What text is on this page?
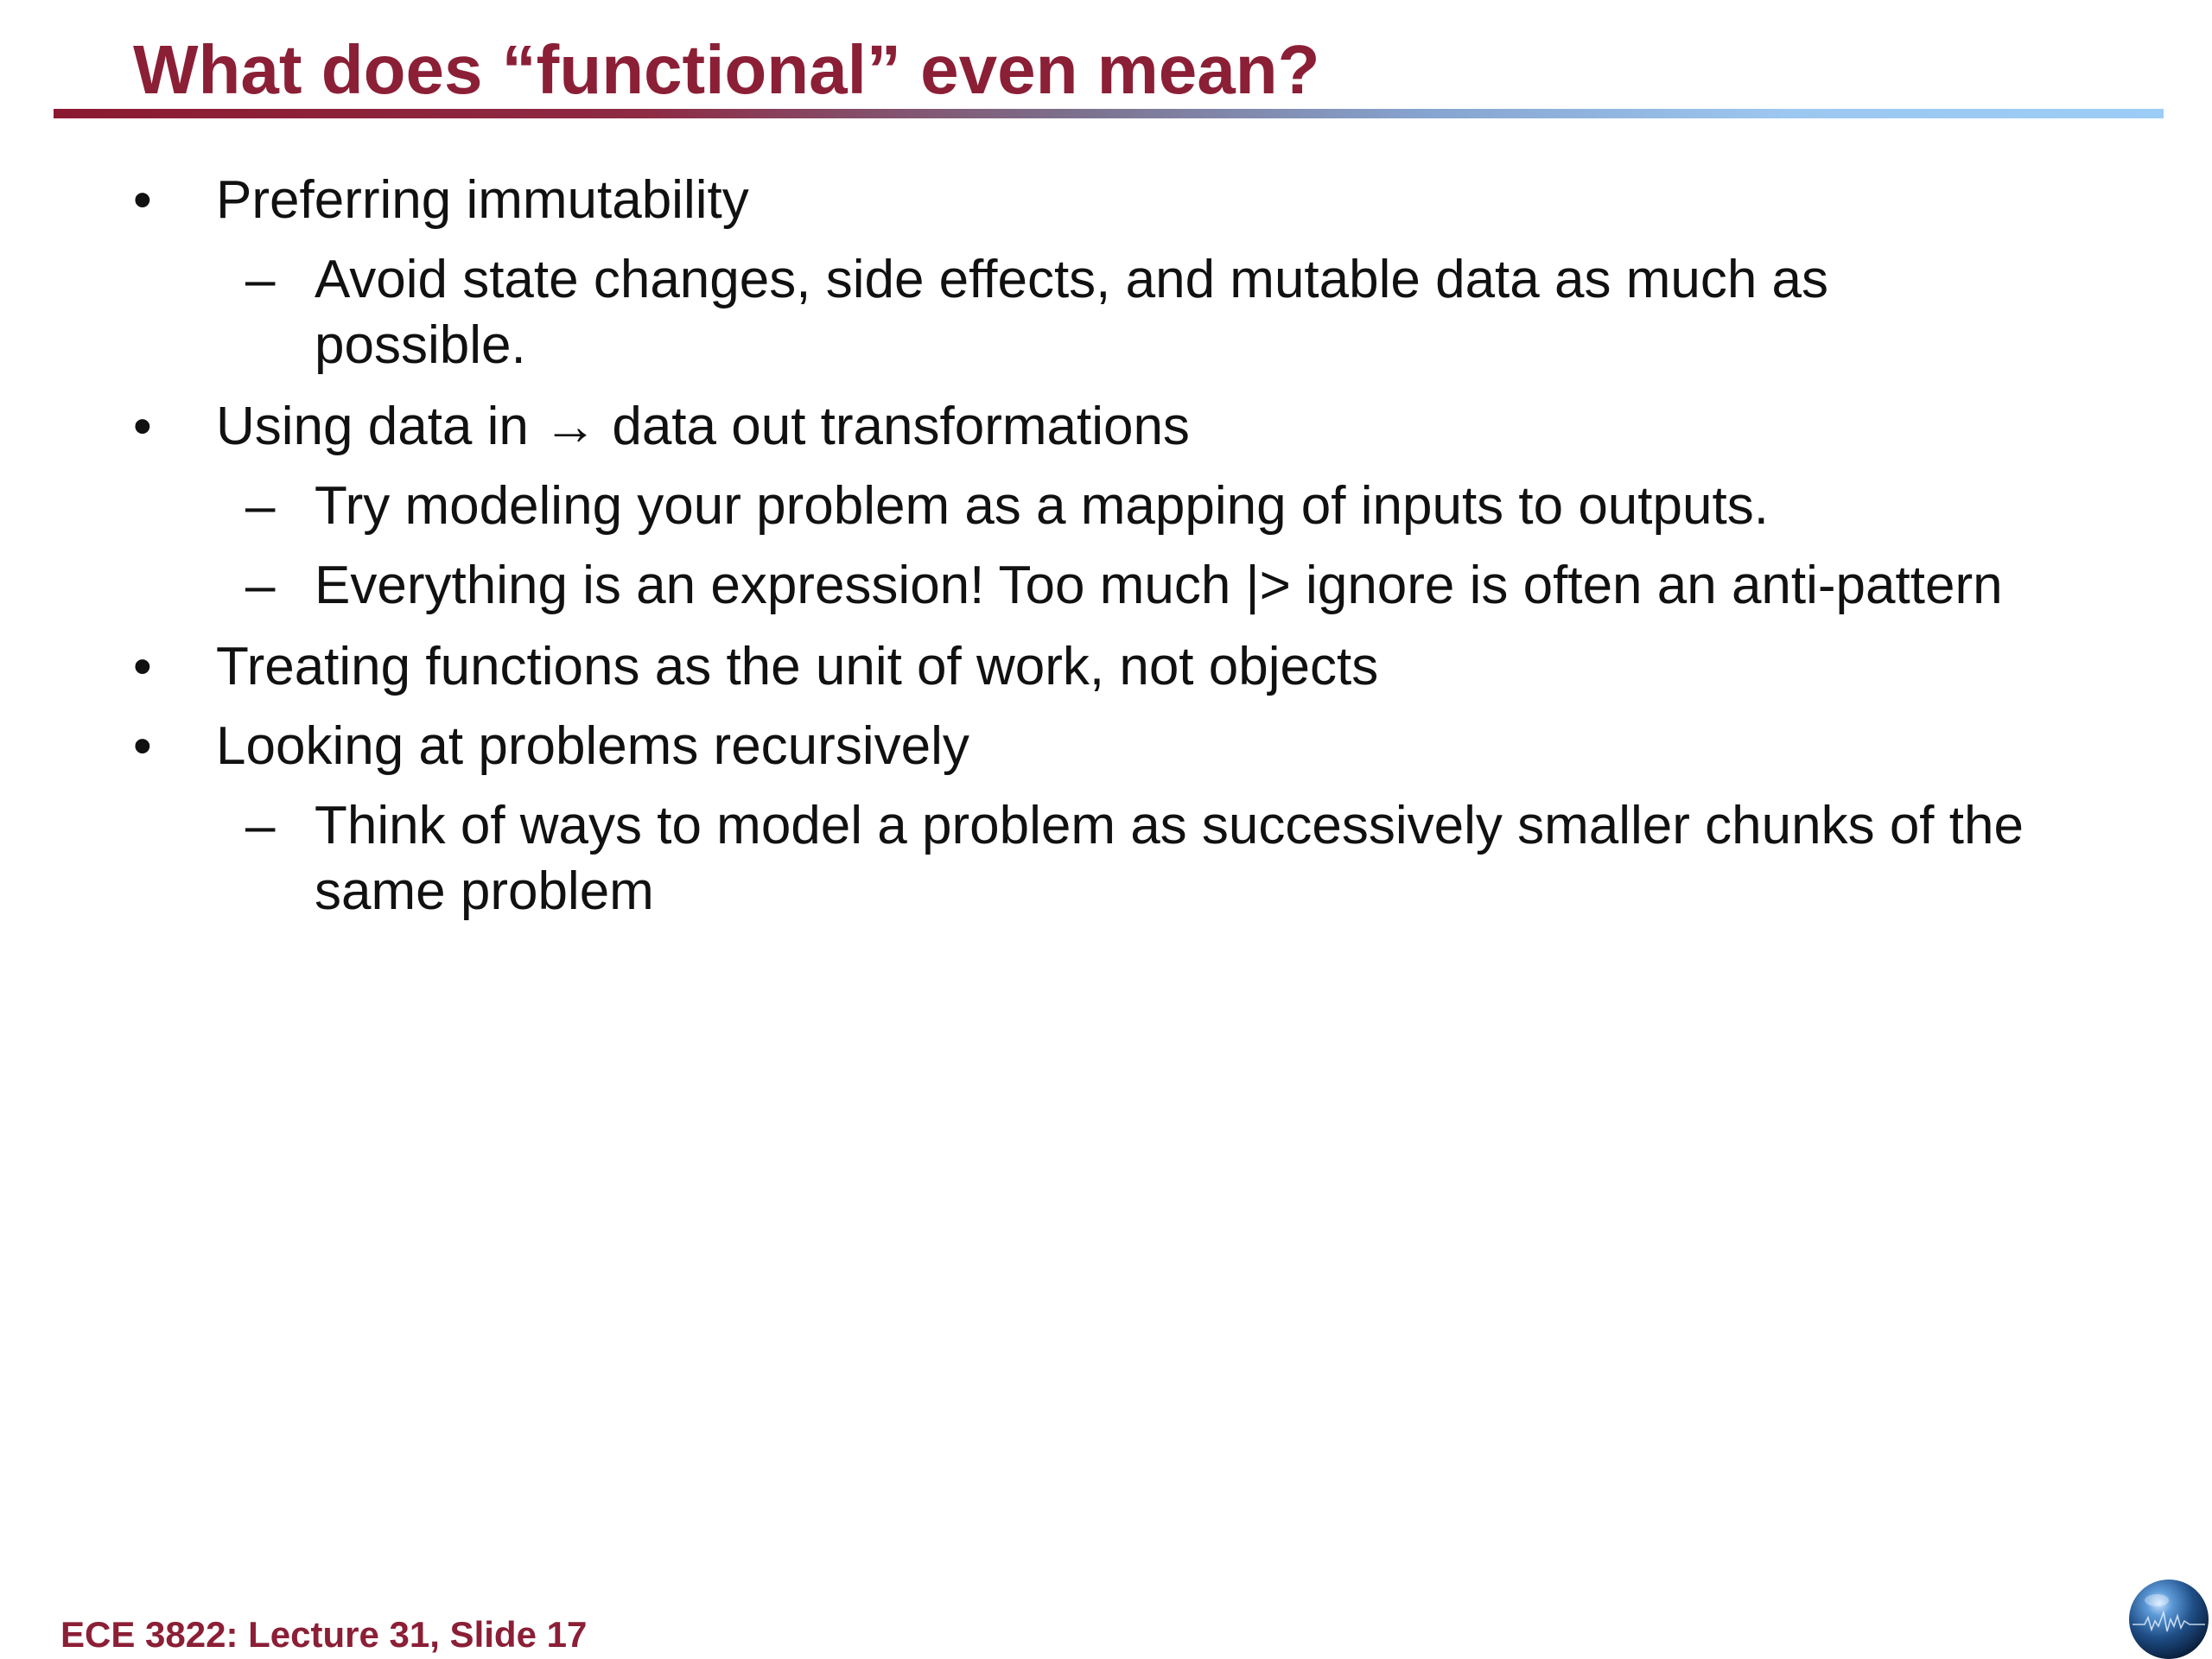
What does “functional” even mean?
• Preferring immutability
– Avoid state changes, side effects, and mutable data as much as
possible.
• Using data in → data out transformations
– Try modeling your problem as a mapping of inputs to outputs.
– Everything is an expression! Too much |> ignore is often an anti-pattern
• Treating functions as the unit of work, not objects
• Looking at problems recursively
– Think of ways to model a problem as successively smaller chunks of the
same problem
ECE 3822: Lecture 31, Slide 17
